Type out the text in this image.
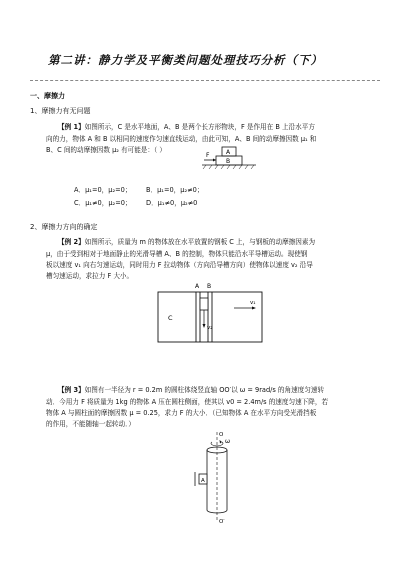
第二讲：静力学及平衡类问题处理技巧分析（下）
一、摩擦力
1、摩擦力有无问题
【例 1】如图所示，C 是水平地面，A、B 是两个长方形物块，F 是作用在 B 上沿水平方
向的力，物体 A 和 B 以相同的速度作匀速直线运动，由此可知，A、B 间的动摩擦因数 μ₁ 和
B、C 间的动摩擦因数 μ₂ 有可能是：（ ）	A
B
F
A．μ₁=0，μ₂=0； B．μ₁=0，μ₂≠0；
C．μ₁≠0，μ₂=0； D．μ₁≠0，μ₂≠0
2、摩擦力方向的确定
【例 2】如图所示，质量为 m 的物体放在水平放置的钢板 C 上，与钢板的动摩擦因素为
μ，由于受到相对于地面静止的光滑导槽 A、B 的控制，物体只能沿水平导槽运动。现使钢
板以速度 v₁ 向右匀速运动，同时用力 F 拉动物体（方向沿导槽方向）使物体以速度 v₂ 沿导
槽匀速运动，求拉力 F 大小。
C
A B
v₂
v₁
【例 3】如图有一半径为 r = 0.2m 的圆柱体绕竖直轴 OO′以 ω = 9rad/s 的角速度匀速转
动．今用力 F 将质量为 1kg 的物体 A 压在圆柱侧面，使其以 v0 = 2.4m/s 的速度匀速下降，若
物体 A 与圆柱面的摩擦因数 μ = 0.25，求力 F 的大小．（已知物体 A 在水平方向受光滑挡板
的作用，不能随轴一起转动．）
O
O′
ω
A
